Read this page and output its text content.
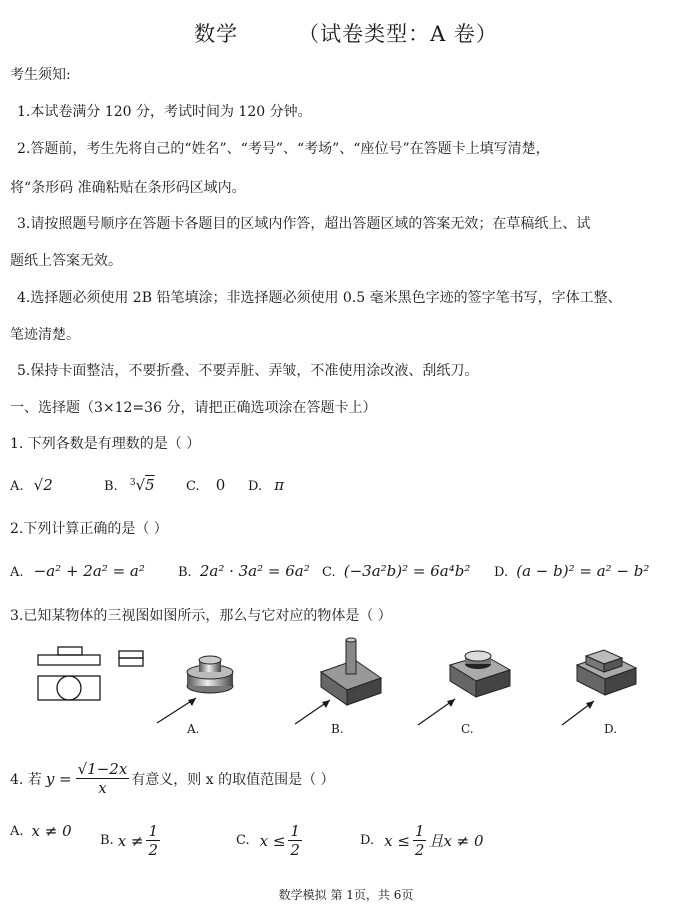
数学	（试卷类型：A 卷）
考生须知:
1.本试卷满分 120 分，考试时间为 120 分钟。
2.答题前，考生先将自己的“姓名”、“考号”、“考场”、“座位号”在答题卡上填写清楚，
将“条形码 准确粘贴在条形码区域内。
3.请按照题号顺序在答题卡各题目的区域内作答，超出答题区域的答案无效；在草稿纸上、试
题纸上答案无效。
4.选择题必须使用 2B 铅笔填涂；非选择题必须使用 0.5 毫米黑色字迹的签字笔书写，字体工整、
笔迹清楚。
5.保持卡面整洁，不要折叠、不要弄脏、弄皱，不准使用涂改液、刮纸刀。
一、选择题（3×12=36 分，请把正确选项涂在答题卡上）
1. 下列各数是有理数的是（ ）
A. √2	B. $^3$√5 C. 0 D. π
2.下列计算正确的是（ ）
A. −a² + 2a² = a²	B. 2a² · 3a² = 6a² C. (−3a²b)² = 6a⁴b² D. (a − b)² = a² − b²
3.已知某物体的三视图如图所示，那么与它对应的物体是（ ）
A.	B.	C.	D.
4. 若 $y = \frac{√1-2x}{x}$ 有意义，则 x 的取值范围是（ ）
A. x ≠ 0
B. $x \ne \frac{1}{2}$	C. $x \le \frac{1}{2}$	D. $x \le \frac{1}{2}$ 且x ≠ 0
数学模拟 第 1页，共 6页
